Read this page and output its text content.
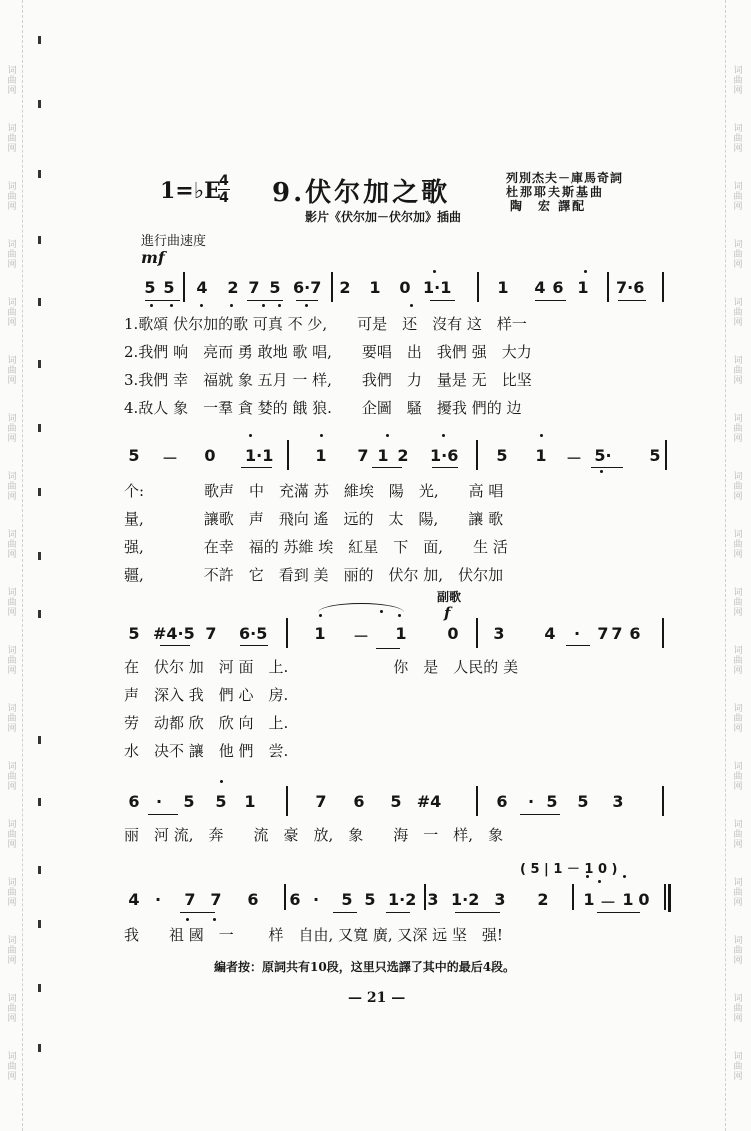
词
曲
网
词
曲
网
词
曲
网
词
曲
网
词
曲
网
词
曲
网
词
曲
网
词
曲
网
词
曲
网
词
曲
网
词
曲
网
词
曲
网
词
曲
网
词
曲
网
词
曲
网
词
曲
网
词
曲
网
词
曲
网
词
曲
网
词
曲
网
词
曲
网
词
曲
网
词
曲
网
词
曲
网
词
曲
网
词
曲
网
词
曲
网
词
曲
网
词
曲
网
词
曲
网
词
曲
网
词
曲
网
词
曲
网
词
曲
网
词
曲
网
词
曲
网
1=♭E
4
4 9.伏尔加之歌
影片《伏尔加－伏尔加》插曲
列別杰夫－庫馬奇詞
杜那耶夫斯基曲
陶　宏 譯配
進行曲速度
mf
5 5	4	2 7 5 6·7	2	1	0 1·1	1	4 6 1	7·6
1.歌頌 伏尔加的歌 可真 不 少,　　可是　还　沒有 这　样一
2.我們 响　亮而 勇 敢地 歌 唱,　　要唱　出　我們 强　大力
3.我們 幸　福就 象 五月 一 样,　　我們　力　量是 无　比坚
4.敌人 象　一羣 貪 婪的 餓 狼.　　企圖　騷　擾我 們的 边
5	－	0	1·1	1	7 1 2	1·6	5	1	－ 5·	5
个:　　　　歌声　中　充滿 苏　維埃　陽　光,　　高 唱
量,　　　　讓歌　声　飛向 遙　远的　太　陽,　　讓 歌
强,　　　　在幸　福的 苏維 埃　紅星　下　面,　　生 活
疆,　　　　不許　它　看到 美　丽的　伏尔 加,　伏尔加
5 #4·5 7	6·5	1	－	1	0	3	4	·	7 7 6
在　伏尔 加　河 面　上.　　　　　　　你　是　人民的 美
声　深入 我　們 心　房.
劳　动都 欣　欣 向　上.
水　决不 讓　他 們　尝.
6	·	5	5	1	7	6	5 #4	6	· 5	5	3
丽　河 流,　奔　　流　豪　放,　象　　海　一　样,　象
4 ·	7 7	6	6 ·	5 5 1·2 3 1·2 3	2	1 － 1 0
我　　祖 國　一　　 样　自由, 又寬 廣, 又深 远 坚　强!
副歌
f
( 5 | 1 － 1 0 )
編者按：原詞共有10段，这里只选譯了其中的最后4段。
— 21 —
